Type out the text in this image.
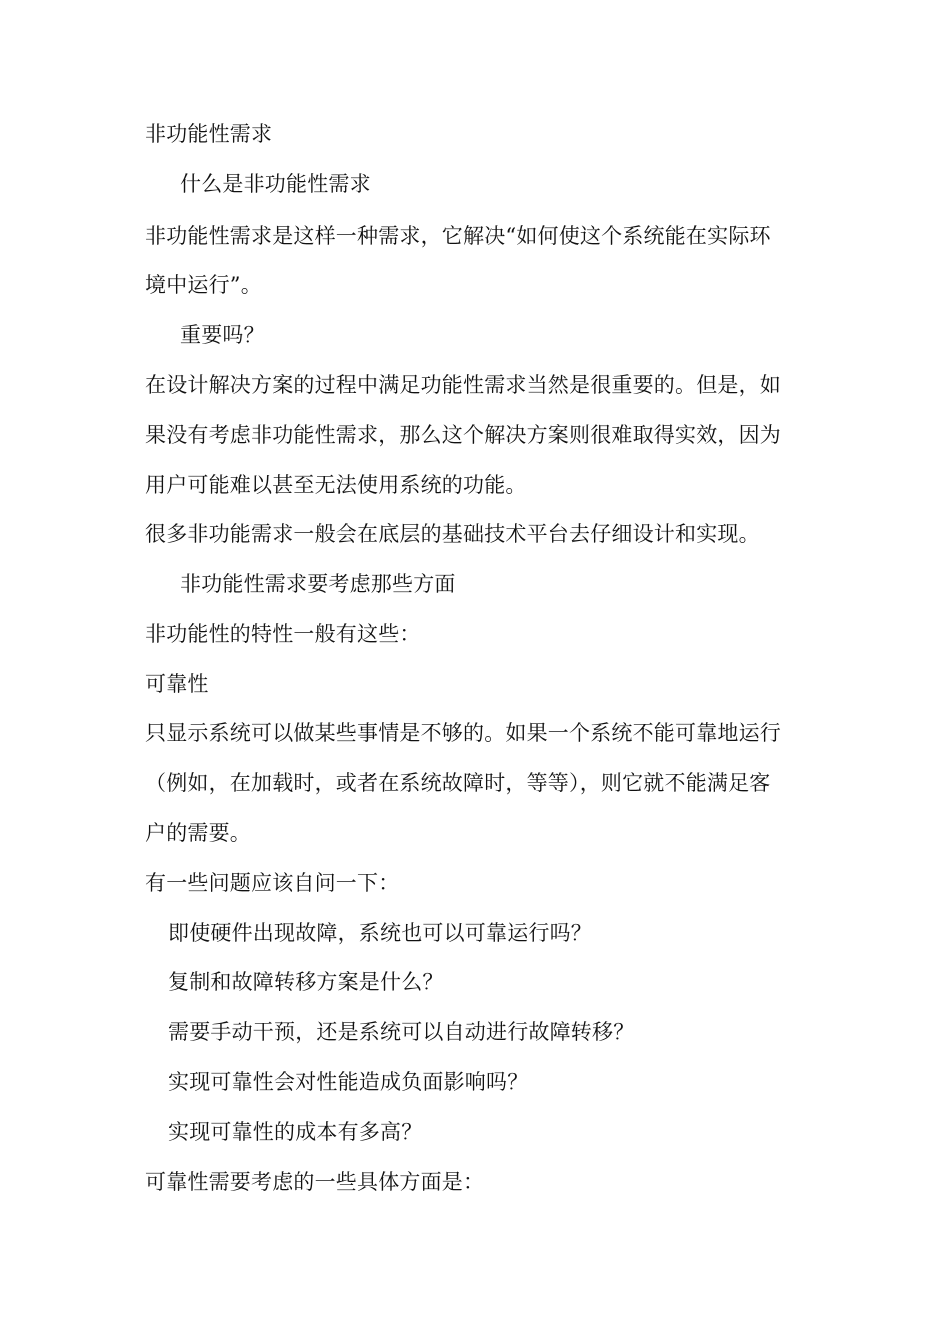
非功能性需求
什么是非功能性需求
非功能性需求是这样一种需求，它解决“如何使这个系统能在实际环
境中运行”。
重要吗？
在设计解决方案的过程中满足功能性需求当然是很重要的。但是，如
果没有考虑非功能性需求，那么这个解决方案则很难取得实效，因为
用户可能难以甚至无法使用系统的功能。
很多非功能需求一般会在底层的基础技术平台去仔细设计和实现。
非功能性需求要考虑那些方面
非功能性的特性一般有这些：
可靠性
只显示系统可以做某些事情是不够的。如果一个系统不能可靠地运行
（例如，在加载时，或者在系统故障时，等等），则它就不能满足客
户的需要。
有一些问题应该自问一下：
即使硬件出现故障，系统也可以可靠运行吗？
复制和故障转移方案是什么？
需要手动干预，还是系统可以自动进行故障转移？
实现可靠性会对性能造成负面影响吗？
实现可靠性的成本有多高？
可靠性需要考虑的一些具体方面是：
